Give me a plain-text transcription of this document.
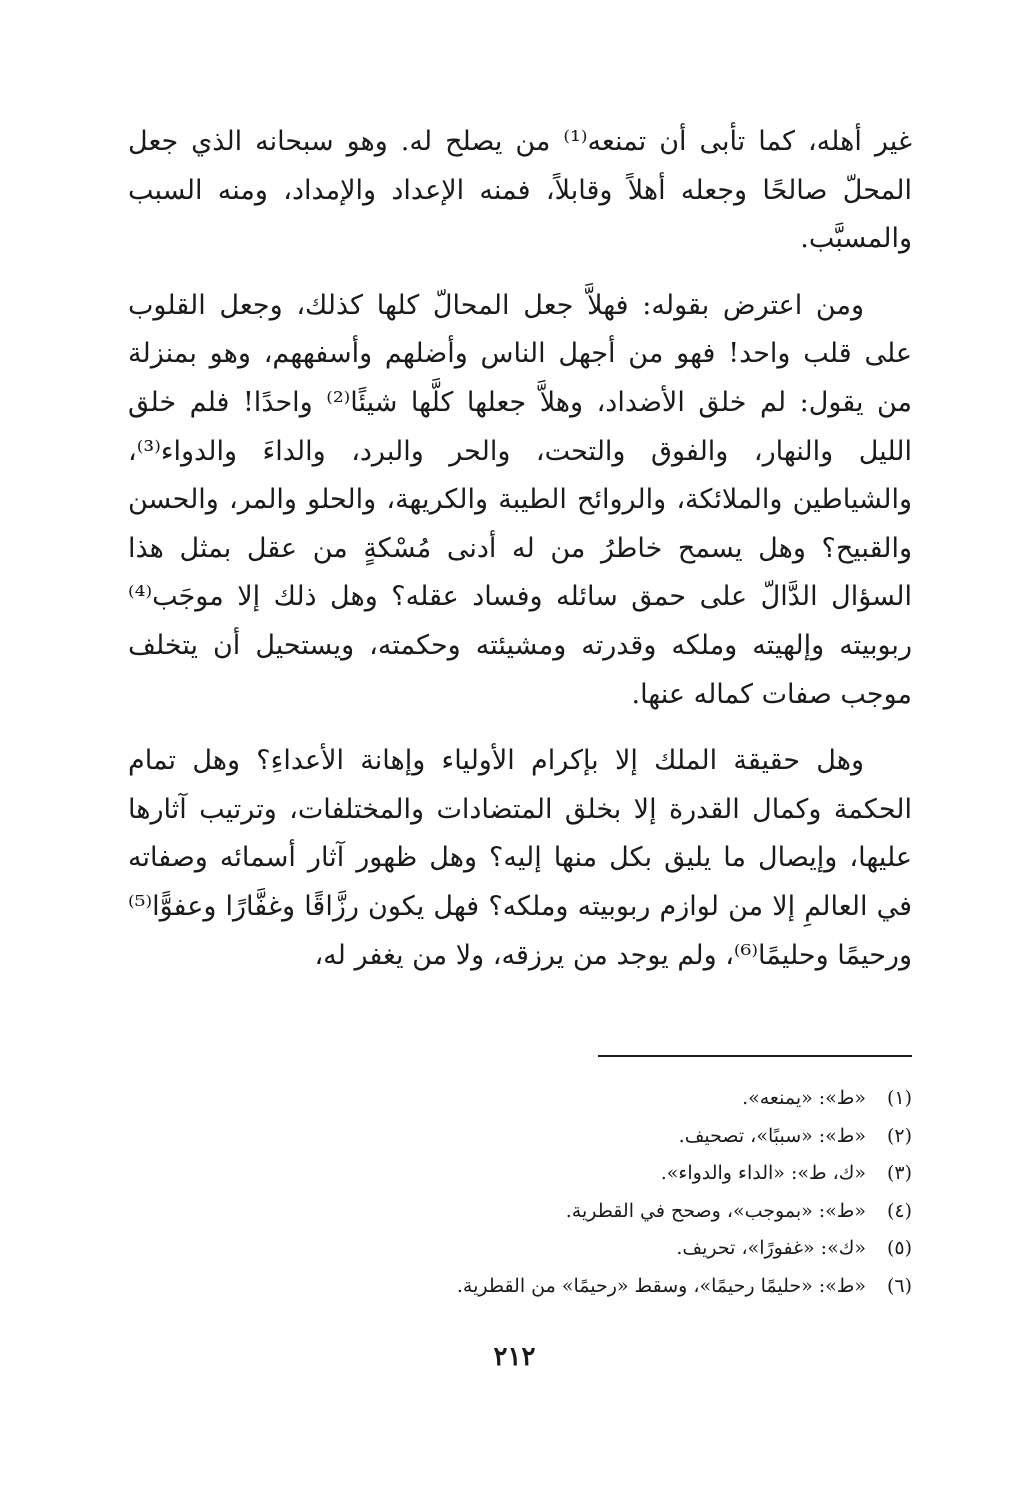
غير أهله، كما تأبى أن تمنعه⁽¹⁾ من يصلح له. وهو سبحانه الذي جعل المحلّ صالحًا وجعله أهلاً وقابلاً، فمنه الإعداد والإمداد، ومنه السبب والمسبَّب.

ومن اعترض بقوله: فهلاَّ جعل المحالّ كلها كذلك، وجعل القلوب على قلب واحد! فهو من أجهل الناس وأضلهم وأسفههم، وهو بمنزلة من يقول: لم خلق الأضداد، وهلاَّ جعلها كلَّها شيئًا⁽²⁾ واحدًا! فلم خلق الليل والنهار، والفوق والتحت، والحر والبرد، والداءَ والدواء⁽³⁾، والشياطين والملائكة، والروائح الطيبة والكريهة، والحلو والمر، والحسن والقبيح؟ وهل يسمح خاطرُ من له أدنى مُسْكةٍ من عقل بمثل هذا السؤال الدَّالّ على حمق سائله وفساد عقله؟ وهل ذلك إلا موجَب⁽⁴⁾ ربوبيته وإلهيته وملكه وقدرته ومشيئته وحكمته، ويستحيل أن يتخلف موجب صفات كماله عنها.

وهل حقيقة الملك إلا بإكرام الأولياء وإهانة الأعداءِ؟ وهل تمام الحكمة وكمال القدرة إلا بخلق المتضادات والمختلفات، وترتيب آثارها عليها، وإيصال ما يليق بكل منها إليه؟ وهل ظهور آثار أسمائه وصفاته في العالمِ إلا من لوازم ربوبيته وملكه؟ فهل يكون رزَّاقًا وغفَّارًا وعفوًّا⁽⁵⁾ ورحيمًا وحليمًا⁽⁶⁾، ولم يوجد من يرزقه، ولا من يغفر له،

(١)
«ط»: «يمنعه».
(٢)
«ط»: «سببًا»، تصحيف.
(٣)
«ك، ط»: «الداء والدواء».
(٤)
«ط»: «بموجب»، وصحح في القطرية.
(٥)
«ك»: «غفورًا»، تحريف.
(٦)
«ط»: «حليمًا رحيمًا»، وسقط «رحيمًا» من القطرية.
٢١٢
